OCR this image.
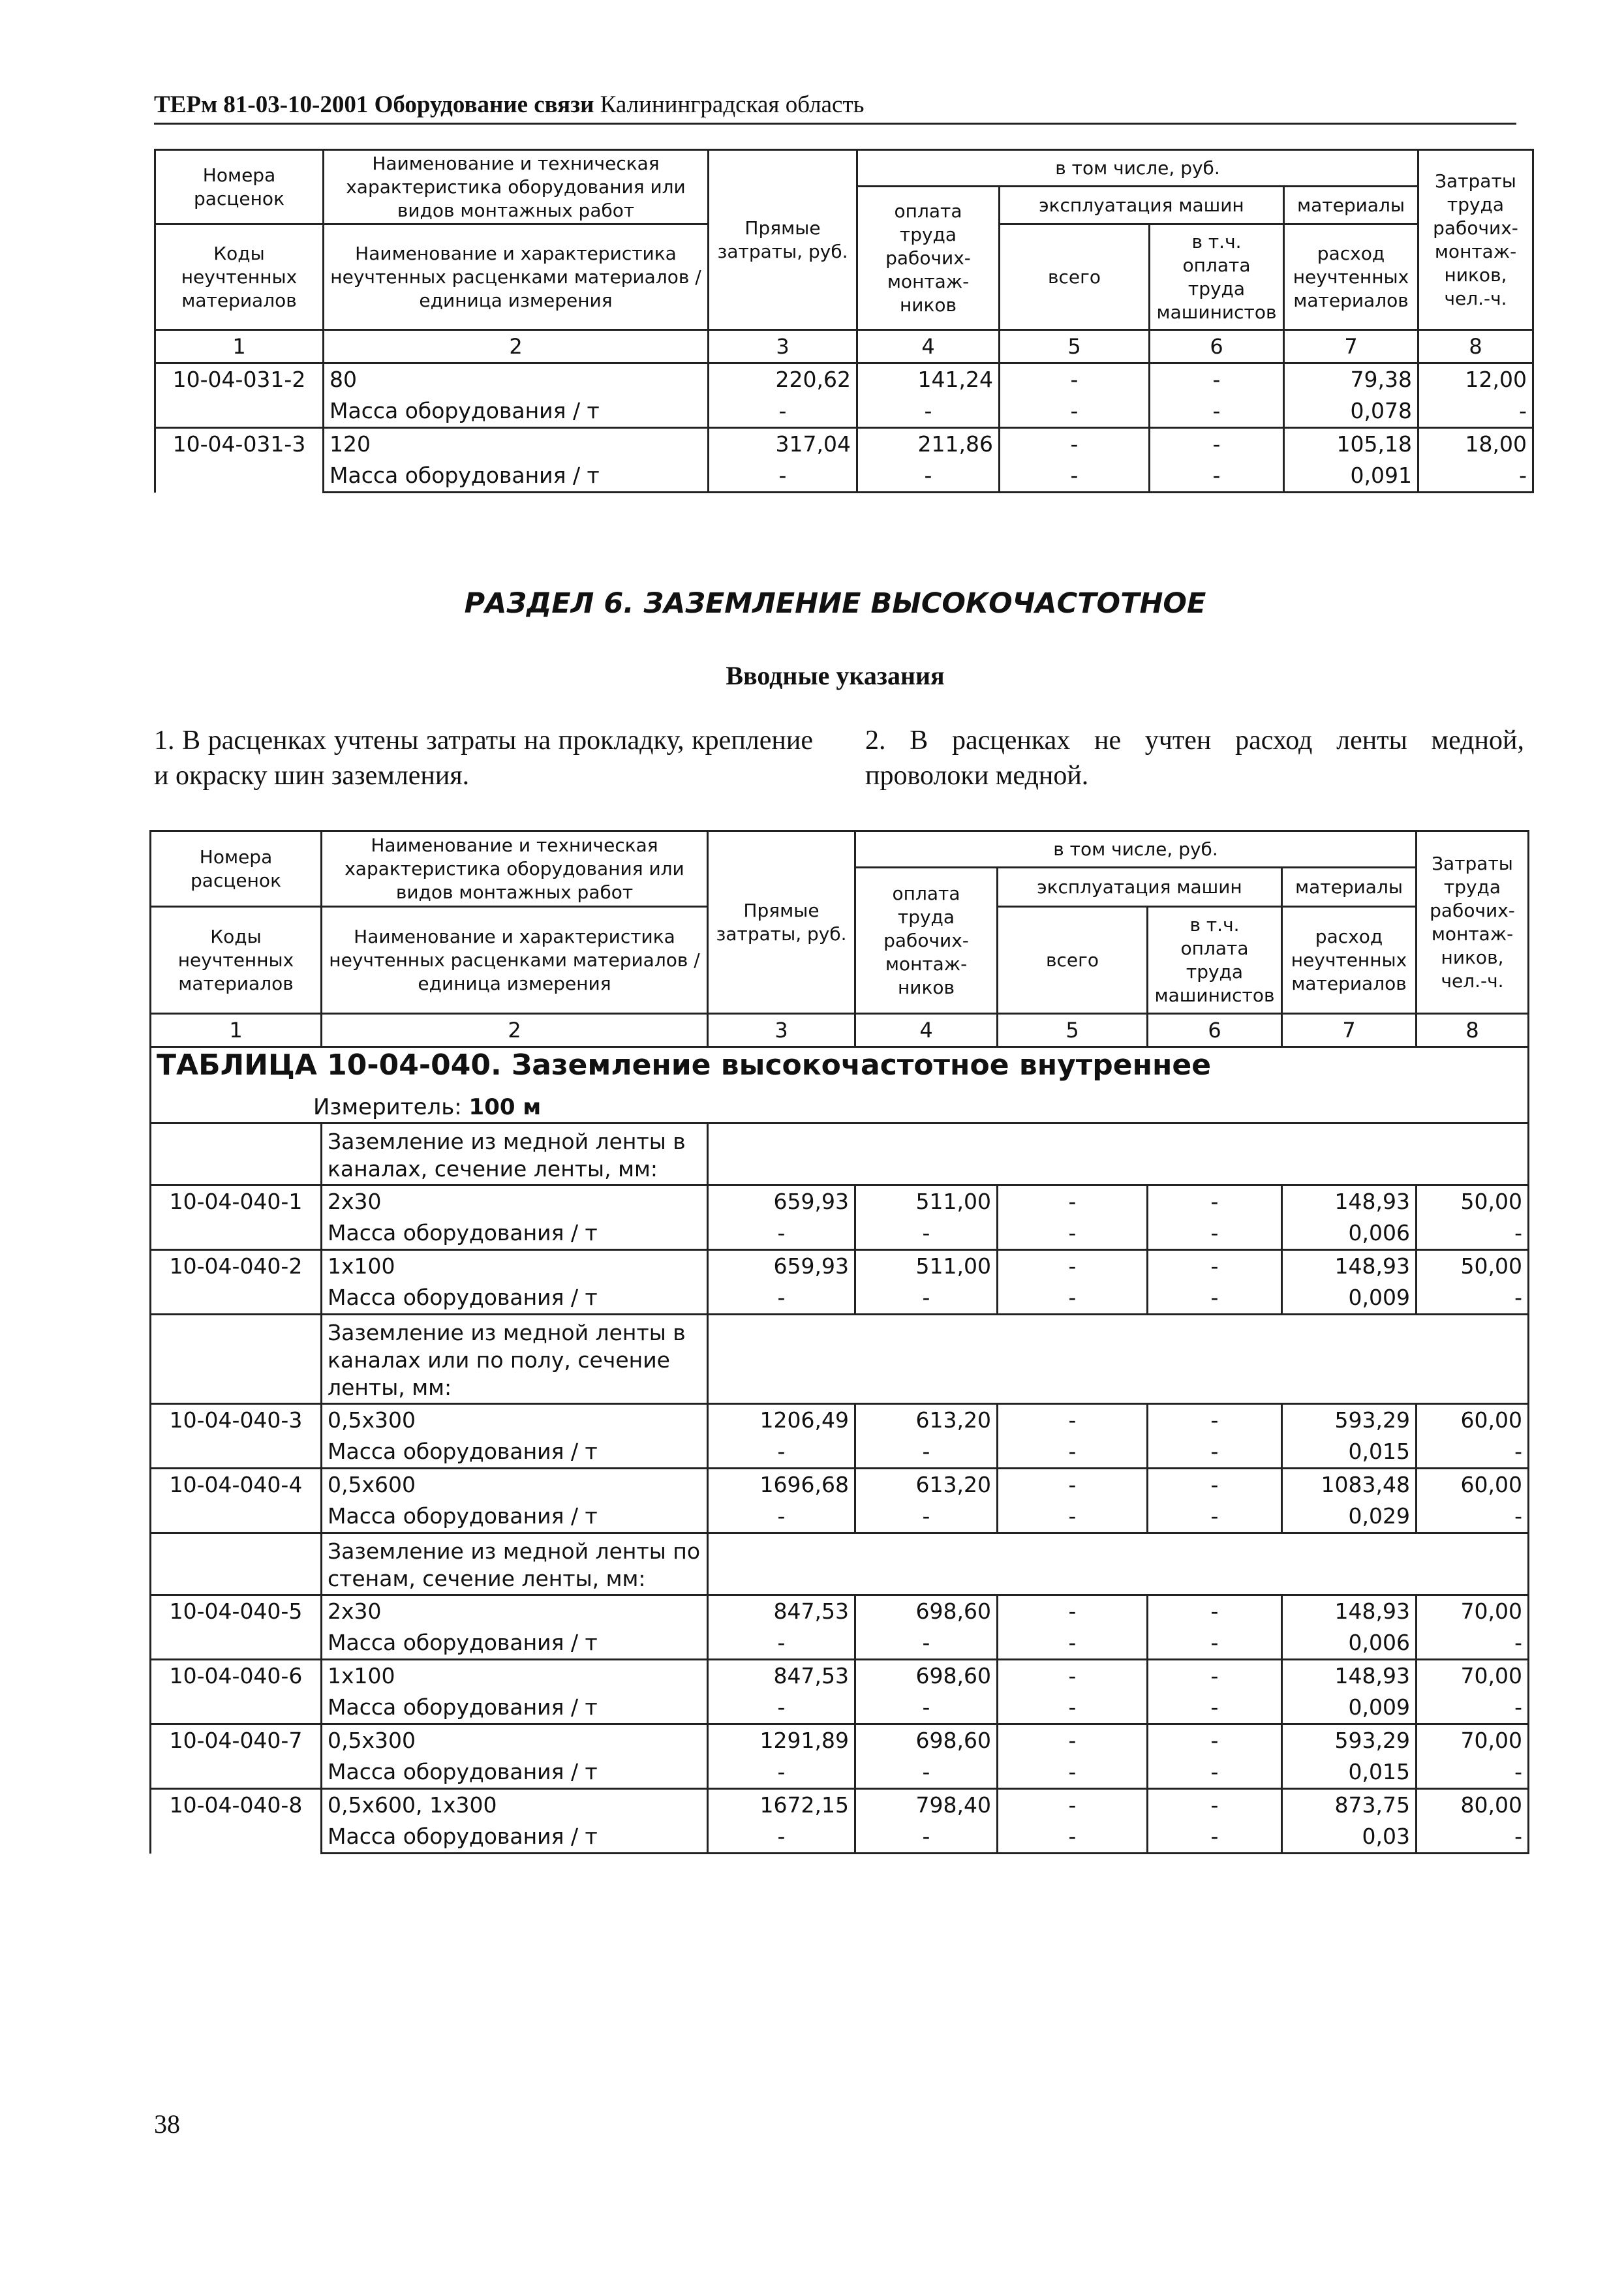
ТЕРм 81-03-10-2001 Оборудование связи Калининградская область
Номера расценок	Наименование и техническая характеристика оборудования или видов монтажных работ	Прямые затраты, руб.	в том числе, руб.				Затраты труда рабочих-монтаж-ников, чел.-ч.
			оплата труда рабочих-монтаж-ников	эксплуатация машин		материалы	
Коды неучтенных материалов	Наименование и характеристика неучтенных расценками материалов / единица измерения			всего	в т.ч. оплата труда машинистов	расход неучтенных материалов	

1	2	3	4	5	6	7	8
10-04-031-2	80	220,62	141,24	-	-	79,38	12,00
	Масса оборудования / т	-	-	-	-	0,078	-
10-04-031-3	120	317,04	211,86	-	-	105,18	18,00
	Масса оборудования / т	-	-	-	-	0,091	-
РАЗДЕЛ 6. ЗАЗЕМЛЕНИЕ ВЫСОКОЧАСТОТНОЕ
Вводные указания
1. В расценках учтены затраты на прокладку, крепление и окраску шин заземления.
2. В расценках не учтен расход ленты медной, проволоки медной.
Номера расценок	Наименование и техническая характеристика оборудования или видов монтажных работ	Прямые затраты, руб.	в том числе, руб.				Затраты труда рабочих-монтаж-ников, чел.-ч.
			оплата труда рабочих-монтаж-ников	эксплуатация машин		материалы	
Коды неучтенных материалов	Наименование и характеристика неучтенных расценками материалов / единица измерения			всего	в т.ч. оплата труда машинистов	расход неучтенных материалов	

1	2	3	4	5	6	7	8
ТАБЛИЦА 10-04-040. Заземление высокочастотное внутреннее
Измеритель: 100 м							

	Заземление из медной ленты в каналах, сечение ленты, мм:						
10-04-040-1	2x30	659,93	511,00	-	-	148,93	50,00
	Масса оборудования / т	-	-	-	-	0,006	-
10-04-040-2	1x100	659,93	511,00	-	-	148,93	50,00
	Масса оборудования / т	-	-	-	-	0,009	-
	Заземление из медной ленты в каналах или по полу, сечение ленты, мм:						
10-04-040-3	0,5x300	1206,49	613,20	-	-	593,29	60,00
	Масса оборудования / т	-	-	-	-	0,015	-
10-04-040-4	0,5x600	1696,68	613,20	-	-	1083,48	60,00
	Масса оборудования / т	-	-	-	-	0,029	-
	Заземление из медной ленты по стенам, сечение ленты, мм:						
10-04-040-5	2x30	847,53	698,60	-	-	148,93	70,00
	Масса оборудования / т	-	-	-	-	0,006	-
10-04-040-6	1x100	847,53	698,60	-	-	148,93	70,00
	Масса оборудования / т	-	-	-	-	0,009	-
10-04-040-7	0,5x300	1291,89	698,60	-	-	593,29	70,00
	Масса оборудования / т	-	-	-	-	0,015	-
10-04-040-8	0,5x600, 1x300	1672,15	798,40	-	-	873,75	80,00
	Масса оборудования / т	-	-	-	-	0,03	-
38
